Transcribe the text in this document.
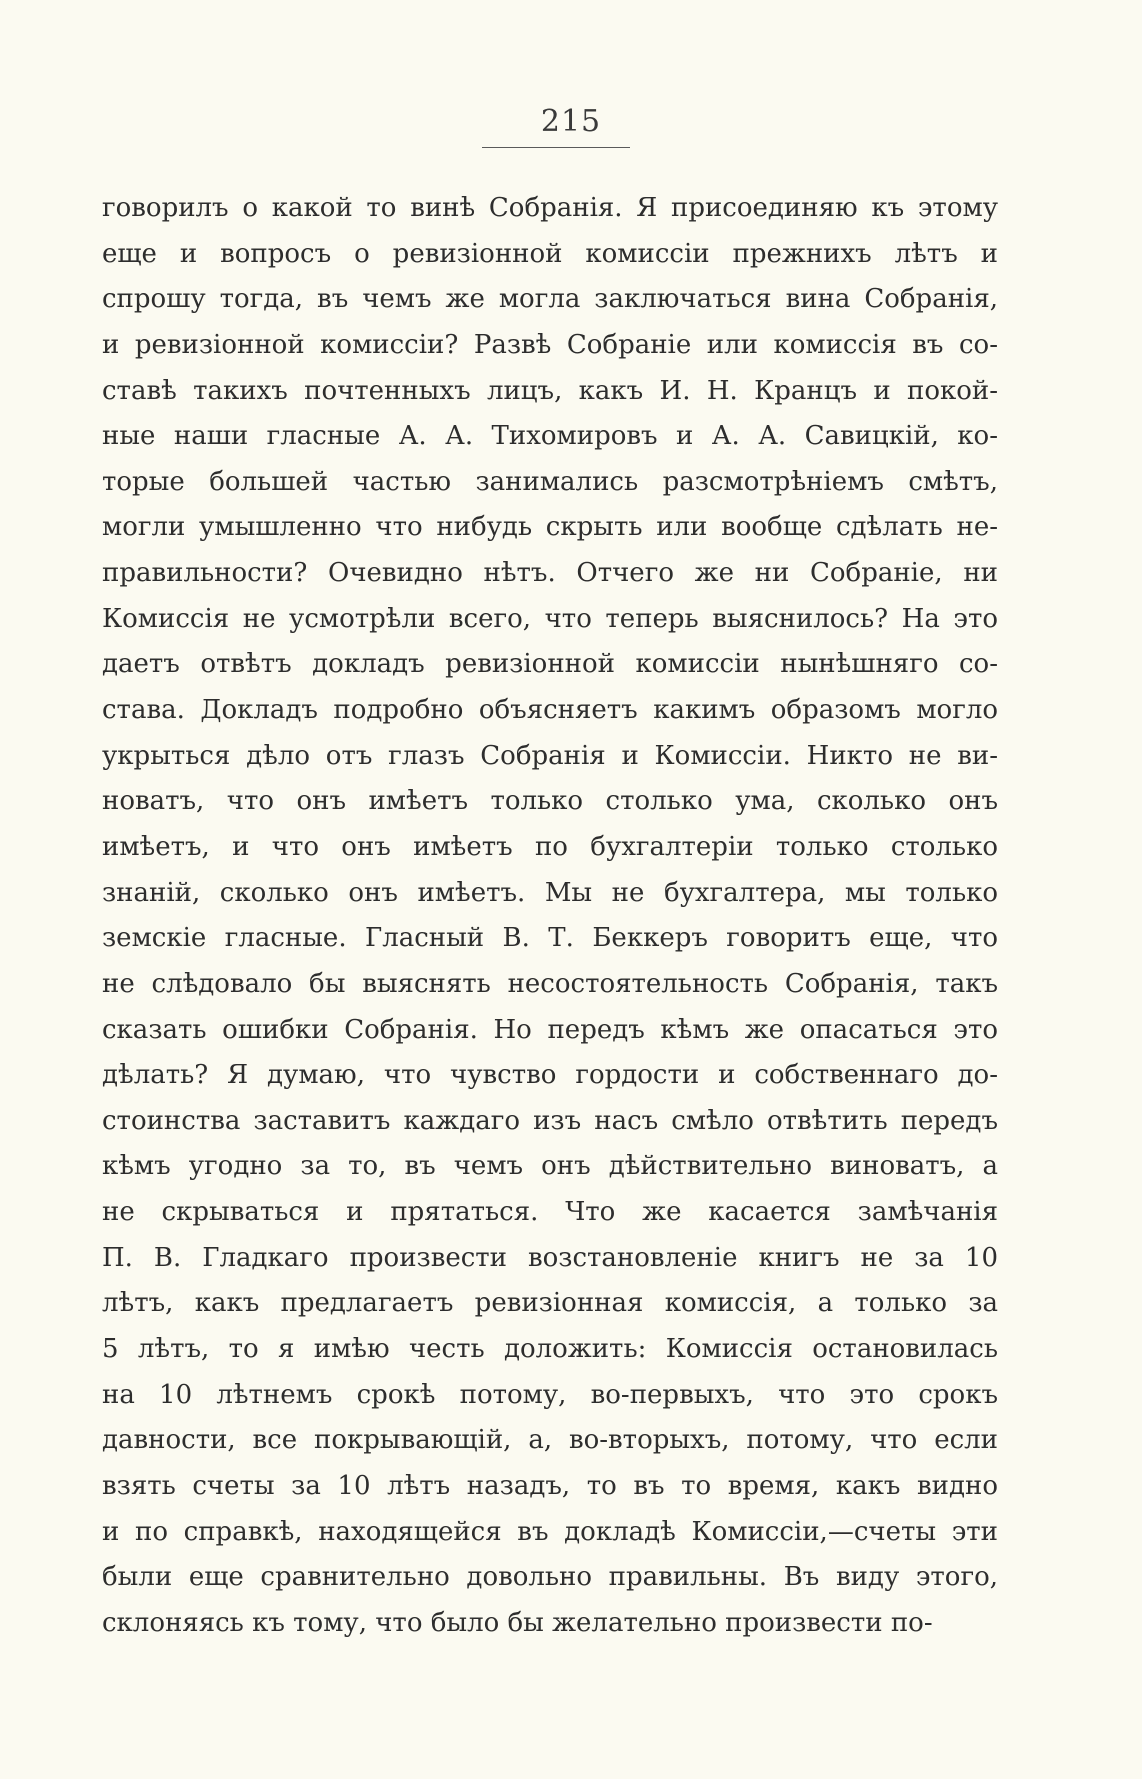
215
говорилъ о какой то винѣ Собранія. Я присоединяю къ этому
еще и вопросъ о ревизіонной комиссіи прежнихъ лѣтъ и
спрошу тогда, въ чемъ же могла заключаться вина Собранія,
и ревизіонной комиссіи? Развѣ Собраніе или комиссія въ со-
ставѣ такихъ почтенныхъ лицъ, какъ И. Н. Кранцъ и покой-
ные наши гласные А. А. Тихомировъ и А. А. Савицкій, ко-
торые большей частью занимались разсмотрѣніемъ смѣтъ,
могли умышленно что нибудь скрыть или вообще сдѣлать не-
правильности? Очевидно нѣтъ. Отчего же ни Собраніе, ни
Комиссія не усмотрѣли всего, что теперь выяснилось? На это
даетъ отвѣтъ докладъ ревизіонной комиссіи нынѣшняго со-
става. Докладъ подробно объясняетъ какимъ образомъ могло
укрыться дѣло отъ глазъ Собранія и Комиссіи. Никто не ви-
новатъ, что онъ имѣетъ только столько ума, сколько онъ
имѣетъ, и что онъ имѣетъ по бухгалтеріи только столько
знаній, сколько онъ имѣетъ. Мы не бухгалтера, мы только
земскіе гласные. Гласный В. Т. Беккеръ говоритъ еще, что
не слѣдовало бы выяснять несостоятельность Собранія, такъ
сказать ошибки Собранія. Но передъ кѣмъ же опасаться это
дѣлать? Я думаю, что чувство гордости и собственнаго до-
стоинства заставитъ каждаго изъ насъ смѣло отвѣтить передъ
кѣмъ угодно за то, въ чемъ онъ дѣйствительно виноватъ, а
не скрываться и прятаться. Что же касается замѣчанія
П. В. Гладкаго произвести возстановленіе книгъ не за 10
лѣтъ, какъ предлагаетъ ревизіонная комиссія, а только за
5 лѣтъ, то я имѣю честь доложить: Комиссія остановилась
на 10 лѣтнемъ срокѣ потому, во-первыхъ, что это срокъ
давности, все покрывающій, а, во-вторыхъ, потому, что если
взять счеты за 10 лѣтъ назадъ, то въ то время, какъ видно
и по справкѣ, находящейся въ докладѣ Комиссіи,—счеты эти
были еще сравнительно довольно правильны. Въ виду этого,
склоняясь къ тому, что было бы желательно произвести по-
